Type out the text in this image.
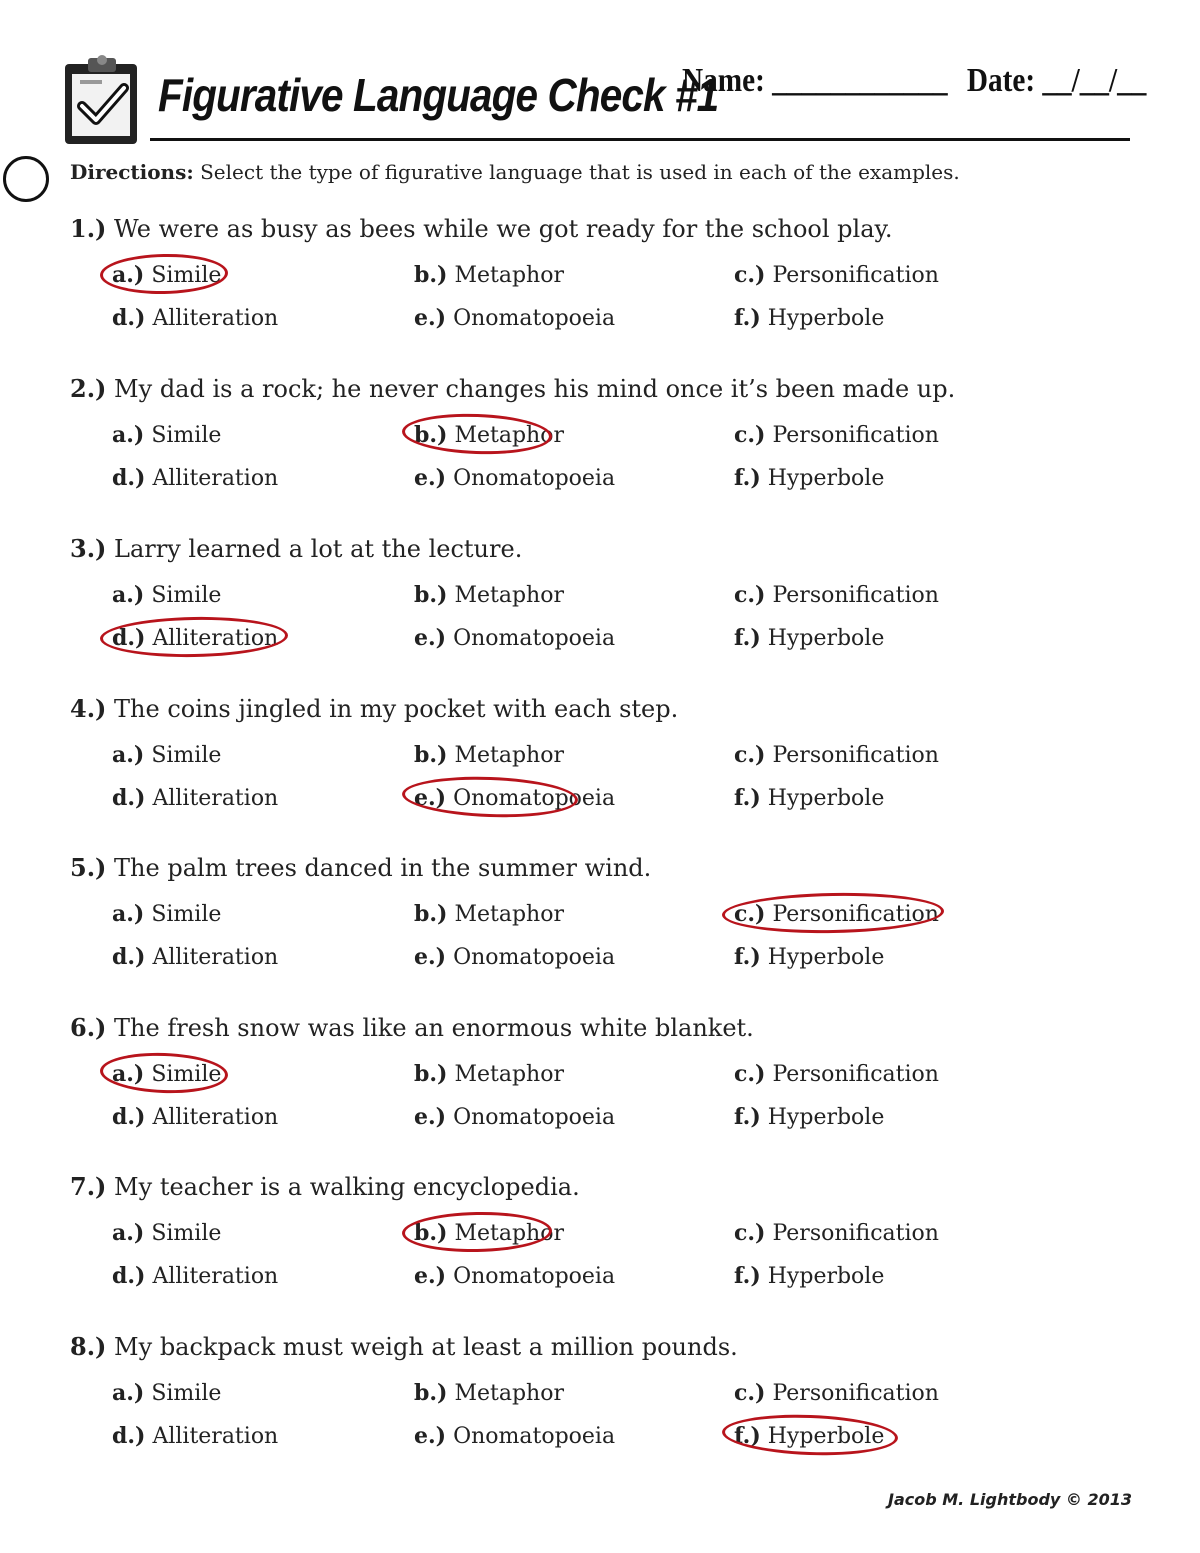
Figurative Language Check #1
Name: ____________ Date: __/__/__
Directions: Select the type of figurative language that is used in each of the examples.
1.) We were as busy as bees while we got ready for the school play.
a.) Simile	b.) Metaphor	c.) Personification
d.) Alliteration	e.) Onomatopoeia	f.) Hyperbole
2.) My dad is a rock; he never changes his mind once it’s been made up.
a.) Simile	b.) Metaphor	c.) Personification
d.) Alliteration	e.) Onomatopoeia	f.) Hyperbole
3.) Larry learned a lot at the lecture.
a.) Simile	b.) Metaphor	c.) Personification
d.) Alliteration	e.) Onomatopoeia	f.) Hyperbole
4.) The coins jingled in my pocket with each step.
a.) Simile	b.) Metaphor	c.) Personification
d.) Alliteration	e.) Onomatopoeia	f.) Hyperbole
5.) The palm trees danced in the summer wind.
a.) Simile	b.) Metaphor	c.) Personification
d.) Alliteration	e.) Onomatopoeia	f.) Hyperbole
6.) The fresh snow was like an enormous white blanket.
a.) Simile	b.) Metaphor	c.) Personification
d.) Alliteration	e.) Onomatopoeia	f.) Hyperbole
7.) My teacher is a walking encyclopedia.
a.) Simile	b.) Metaphor	c.) Personification
d.) Alliteration	e.) Onomatopoeia	f.) Hyperbole
8.) My backpack must weigh at least a million pounds.
a.) Simile	b.) Metaphor	c.) Personification
d.) Alliteration	e.) Onomatopoeia	f.) Hyperbole
Jacob M. Lightbody © 2013
